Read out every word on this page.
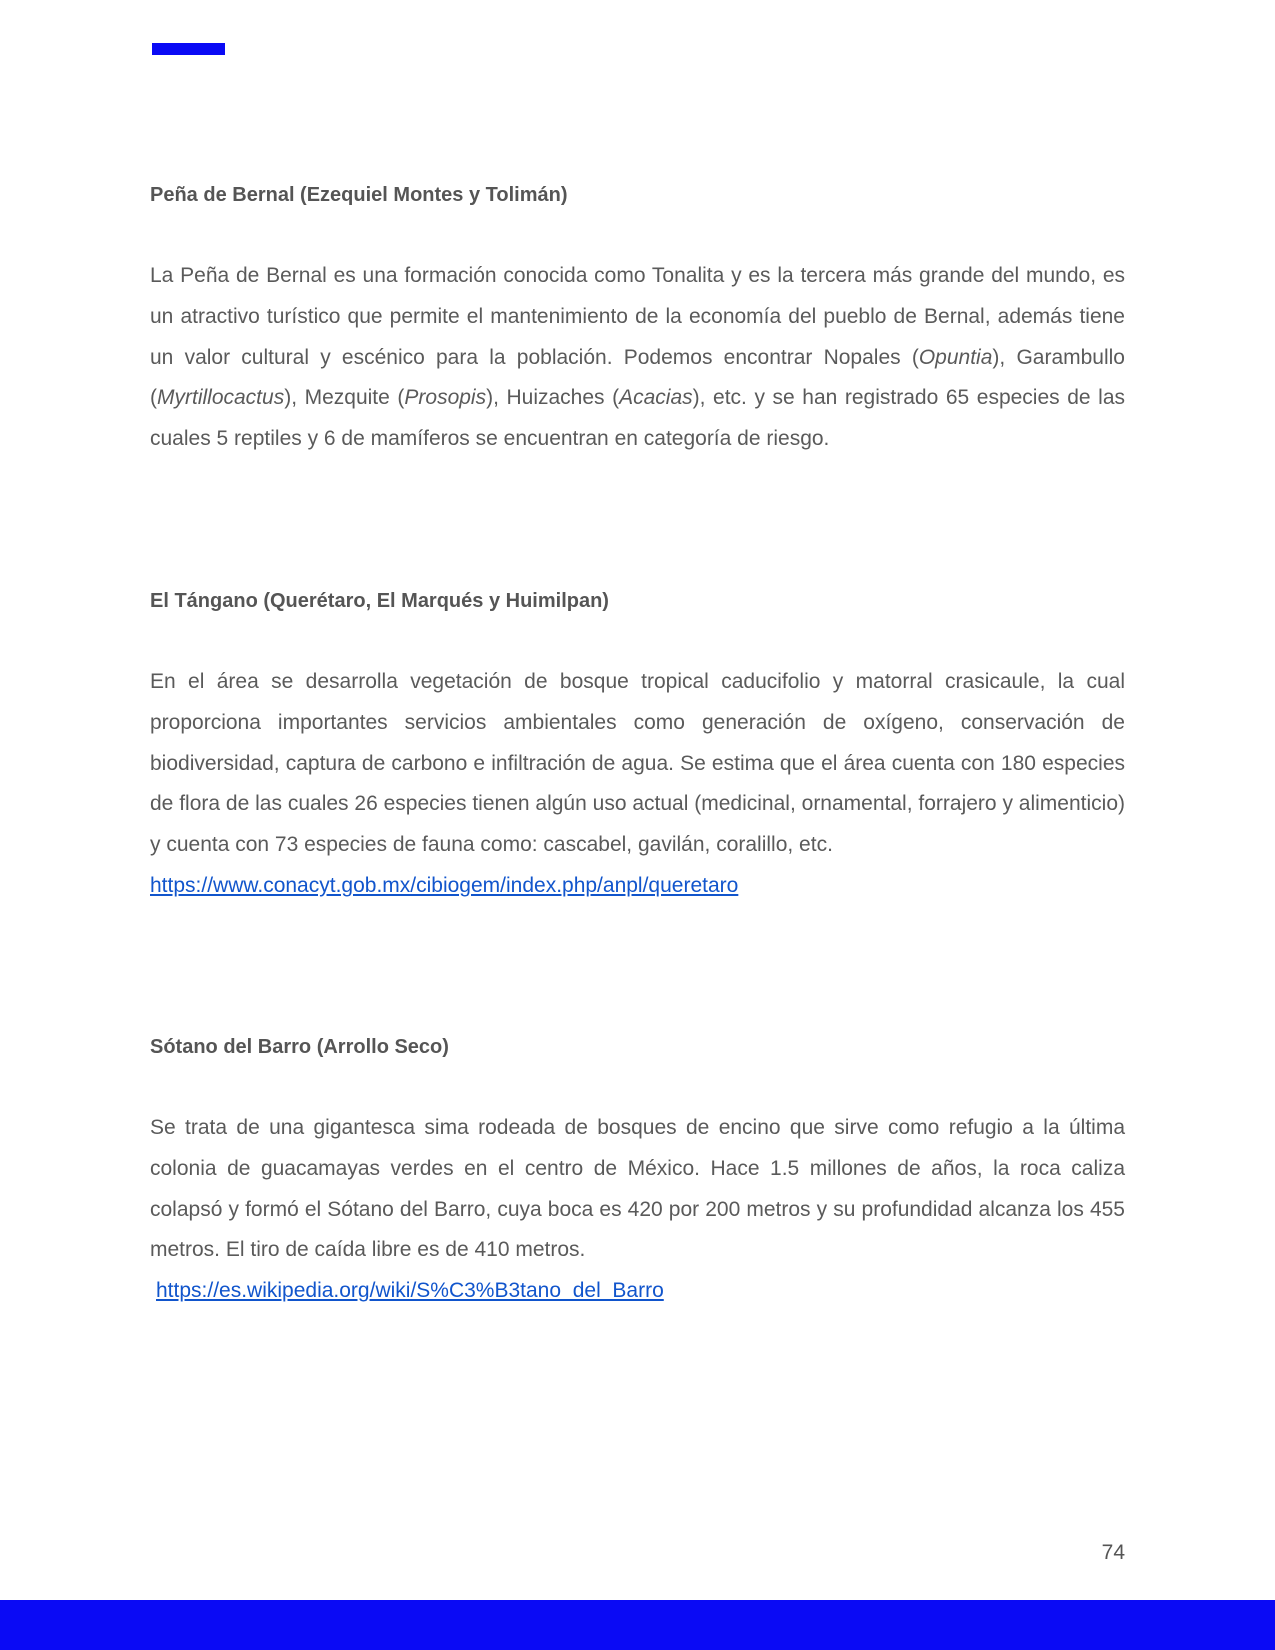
Peña de Bernal (Ezequiel Montes y Tolimán)

La Peña de Bernal es una formación conocida como Tonalita y es la tercera más grande del mundo, es un atractivo turístico que permite el mantenimiento de la economía del pueblo de Bernal, además tiene un valor cultural y escénico para la población. Podemos encontrar Nopales (Opuntia), Garambullo (Myrtillocactus), Mezquite (Prosopis), Huizaches (Acacias), etc. y se han registrado 65 especies de las cuales 5 reptiles y 6 de mamíferos se encuentran en categoría de riesgo.

El Tángano (Querétaro, El Marqués y Huimilpan)

En el área se desarrolla vegetación de bosque tropical caducifolio y matorral crasicaule, la cual proporciona importantes servicios ambientales como generación de oxígeno, conservación de biodiversidad, captura de carbono e infiltración de agua. Se estima que el área cuenta con 180 especies de flora de las cuales 26 especies tienen algún uso actual (medicinal, ornamental, forrajero y alimenticio) y cuenta con 73 especies de fauna como: cascabel, gavilán, coralillo, etc.

https://www.conacyt.gob.mx/cibiogem/index.php/anpl/queretaro
Sótano del Barro (Arrollo Seco)

Se trata de una gigantesca sima rodeada de bosques de encino que sirve como refugio a la última colonia de guacamayas verdes en el centro de México. Hace 1.5 millones de años, la roca caliza colapsó y formó el Sótano del Barro, cuya boca es 420 por 200 metros y su profundidad alcanza los 455 metros. El tiro de caída libre es de 410 metros.

https://es.wikipedia.org/wiki/S%C3%B3tano_del_Barro
74
